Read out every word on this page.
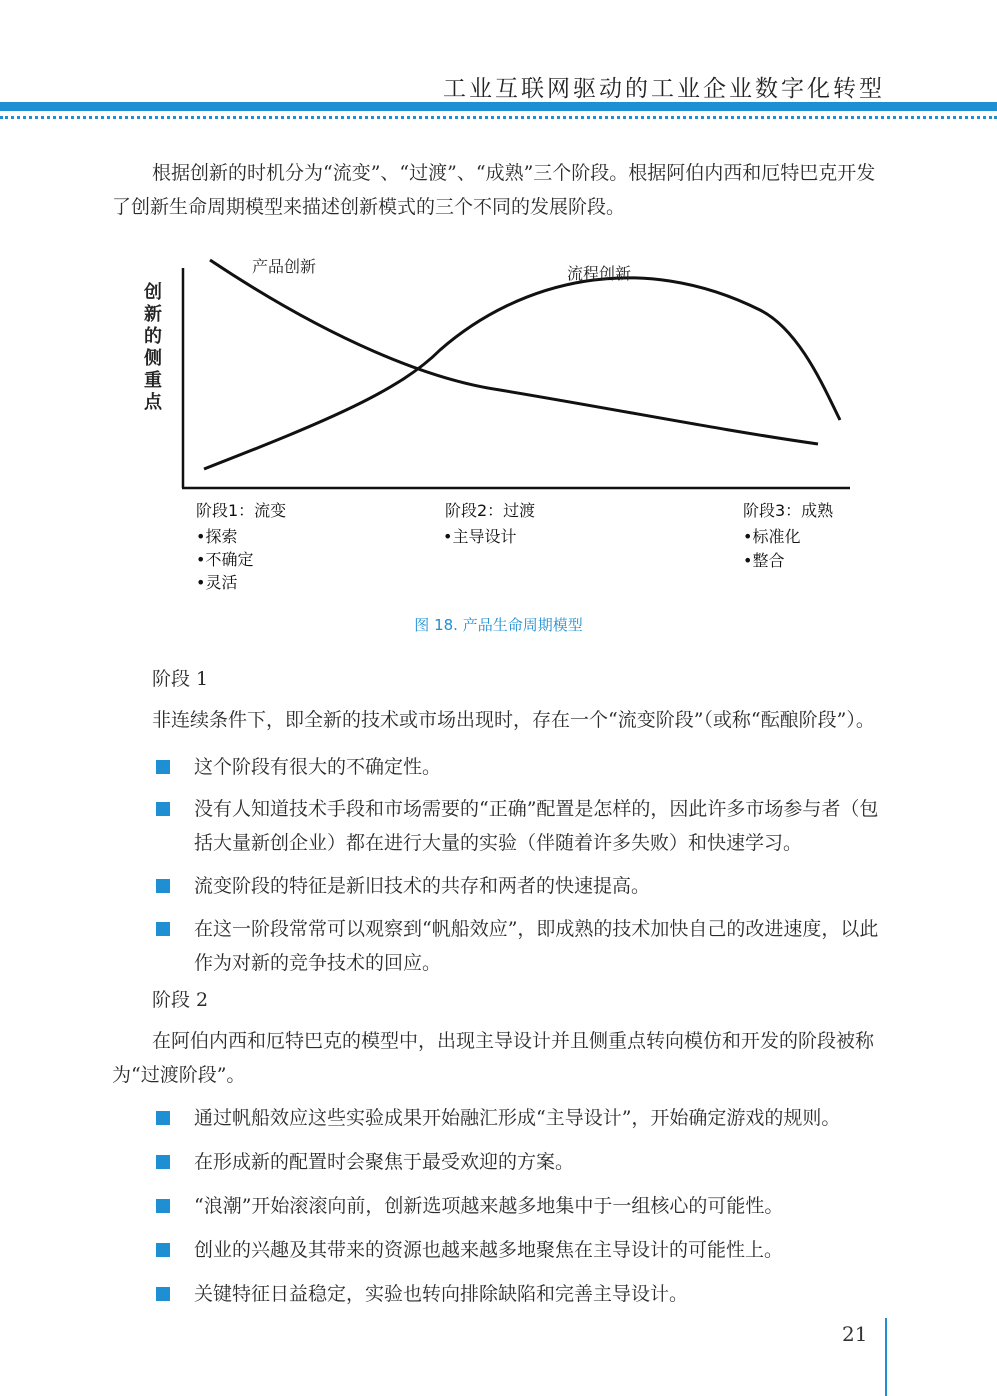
工业互联网驱动的工业企业数字化转型
根据创新的时机分为“流变”、“过渡”、“成熟”三个阶段。根据阿伯内西和厄特巴克开发了创新生命周期模型来描述创新模式的三个不同的发展阶段。
创 新 的 侧 重 点
产品创新	流程创新
阶段1：流变
•探索
•不确定
•灵活
阶段2：过渡
•主导设计
阶段3：成熟
•标准化
•整合
图 18. 产品生命周期模型
阶段 1
非连续条件下，即全新的技术或市场出现时，存在一个“流变阶段”（或称“酝酿阶段”）。
这个阶段有很大的不确定性。
没有人知道技术手段和市场需要的“正确”配置是怎样的，因此许多市场参与者（包括大量新创企业）都在进行大量的实验（伴随着许多失败）和快速学习。
流变阶段的特征是新旧技术的共存和两者的快速提高。
在这一阶段常常可以观察到“帆船效应”，即成熟的技术加快自己的改进速度，以此作为对新的竞争技术的回应。
阶段 2
在阿伯内西和厄特巴克的模型中，出现主导设计并且侧重点转向模仿和开发的阶段被称为“过渡阶段”。
通过帆船效应这些实验成果开始融汇形成“主导设计”，开始确定游戏的规则。
在形成新的配置时会聚焦于最受欢迎的方案。
“浪潮”开始滚滚向前，创新选项越来越多地集中于一组核心的可能性。
创业的兴趣及其带来的资源也越来越多地聚焦在主导设计的可能性上。
关键特征日益稳定，实验也转向排除缺陷和完善主导设计。
21
